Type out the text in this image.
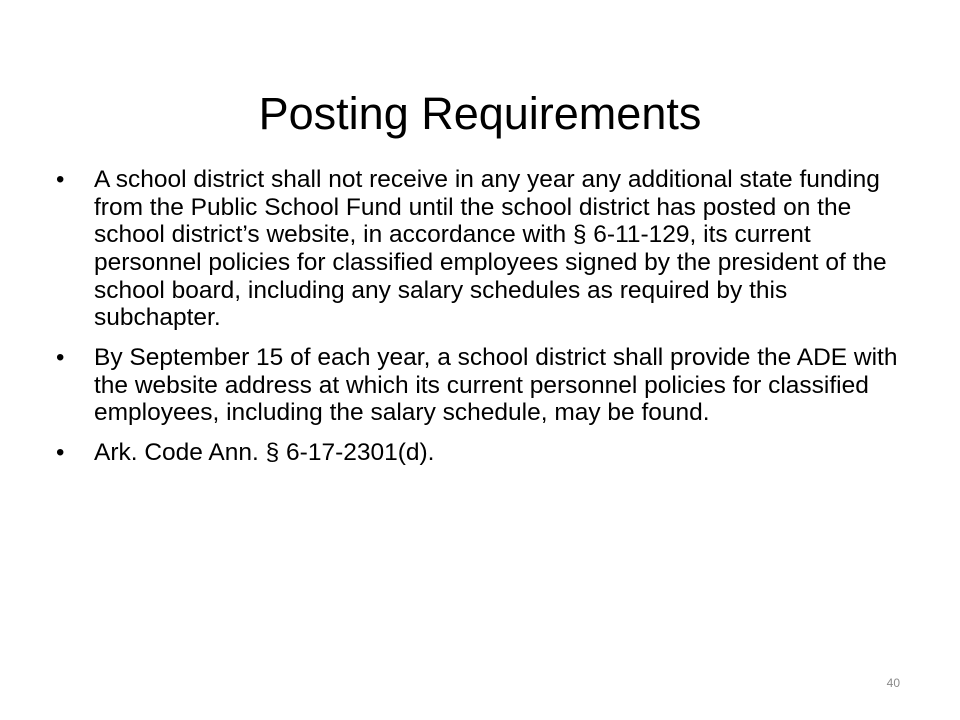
Posting Requirements
•	A school district shall not receive in any year any additional state funding from the Public School Fund until the school district has posted on the school district’s website, in accordance with § 6-11-129, its current personnel policies for classified employees signed by the president of the school board, including any salary schedules as required by this subchapter.
•	By September 15 of each year, a school district shall provide the ADE with the website address at which its current personnel policies for classified employees, including the salary schedule, may be found.
•	Ark. Code Ann. § 6-17-2301(d).
40
